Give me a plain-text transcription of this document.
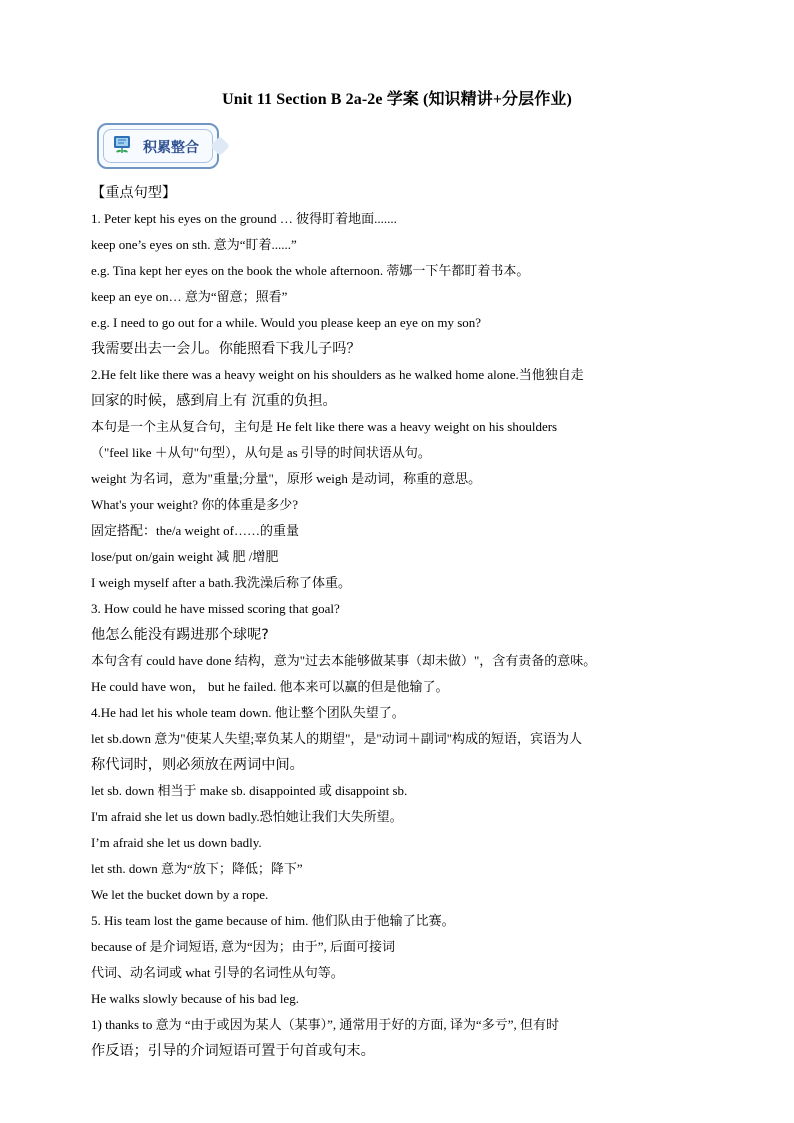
Unit 11 Section B 2a-2e 学案 (知识精讲+分层作业)
积累整合
【重点句型】
1. Peter kept his eyes on the ground … 彼得盯着地面.......
keep one’s eyes on sth. 意为“盯着......”
e.g. Tina kept her eyes on the book the whole afternoon. 蒂娜一下午都盯着书本。
keep an eye on… 意为“留意；照看”
e.g. I need to go out for a while. Would you please keep an eye on my son?
我需要出去一会儿。你能照看下我儿子吗？
2.He felt like there was a heavy weight on his shoulders as he walked home alone.当他独自走
回家的时候，感到肩上有 沉重的负担。
本句是一个主从复合句，主句是 He felt like there was a heavy weight on his shoulders
（"feel like ＋从句"句型），从句是 as 引导的时间状语从句。
weight 为名词，意为"重量;分量"，原形 weigh 是动词，称重的意思。
What's your weight? 你的体重是多少?
固定搭配：the/a weight of……的重量
lose/put on/gain weight 减 肥 /增肥
I weigh myself after a bath.我洗澡后称了体重。
3. How could he have missed scoring that goal?
他怎么能没有踢进那个球呢?
本句含有 could have done 结构，意为"过去本能够做某事（却未做）"，含有责备的意味。
He could have won， but he failed. 他本来可以赢的但是他输了。
4.He had let his whole team down. 他让整个团队失望了。
let sb.down 意为"使某人失望;辜负某人的期望"，是"动词＋副词"构成的短语，宾语为人
称代词时，则必须放在两词中间。
let sb. down 相当于 make sb. disappointed 或 disappoint sb.
I'm afraid she let us down badly.恐怕她让我们大失所望。
I’m afraid she let us down badly.
let sth. down 意为“放下；降低；降下”
We let the bucket down by a rope.
5. His team lost the game because of him. 他们队由于他输了比赛。
because of 是介词短语, 意为“因为；由于”, 后面可接词
代词、动名词或 what 引导的名词性从句等。
He walks slowly because of his bad leg.
1) thanks to 意为 “由于或因为某人（某事）”, 通常用于好的方面, 译为“多亏”, 但有时
作反语；引导的介词短语可置于句首或句末。
